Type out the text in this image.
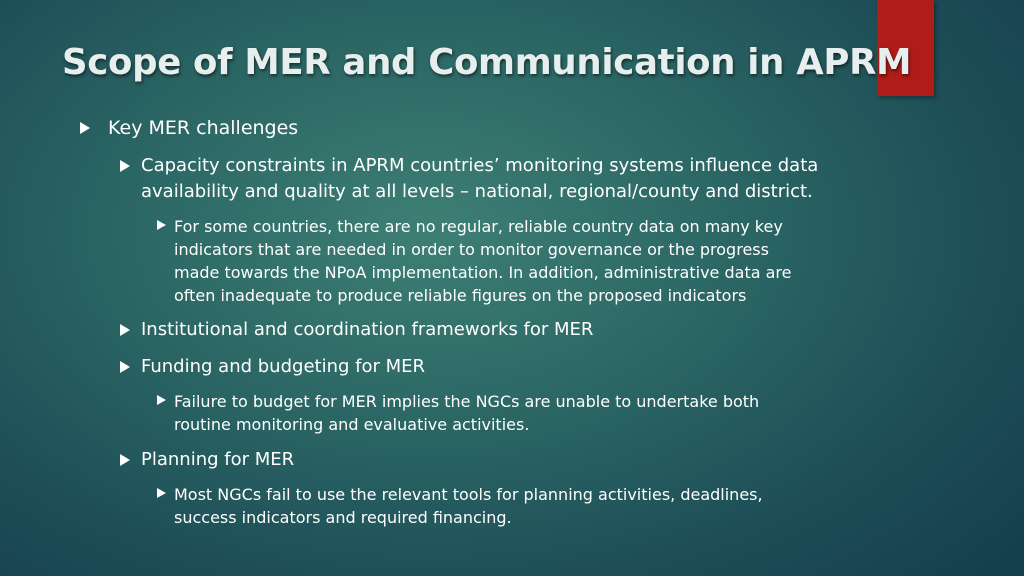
Scope of MER and Communication in APRM
Key MER challenges
Capacity constraints in APRM countries’ monitoring systems influence data
availability and quality at all levels – national, regional/county and district.
For some countries, there are no regular, reliable country data on many key
indicators that are needed in order to monitor governance or the progress
made towards the NPoA implementation. In addition, administrative data are
often inadequate to produce reliable figures on the proposed indicators
Institutional and coordination frameworks for MER
Funding and budgeting for MER
Failure to budget for MER implies the NGCs are unable to undertake both
routine monitoring and evaluative activities.
Planning for MER
Most NGCs fail to use the relevant tools for planning activities, deadlines,
success indicators and required financing.
